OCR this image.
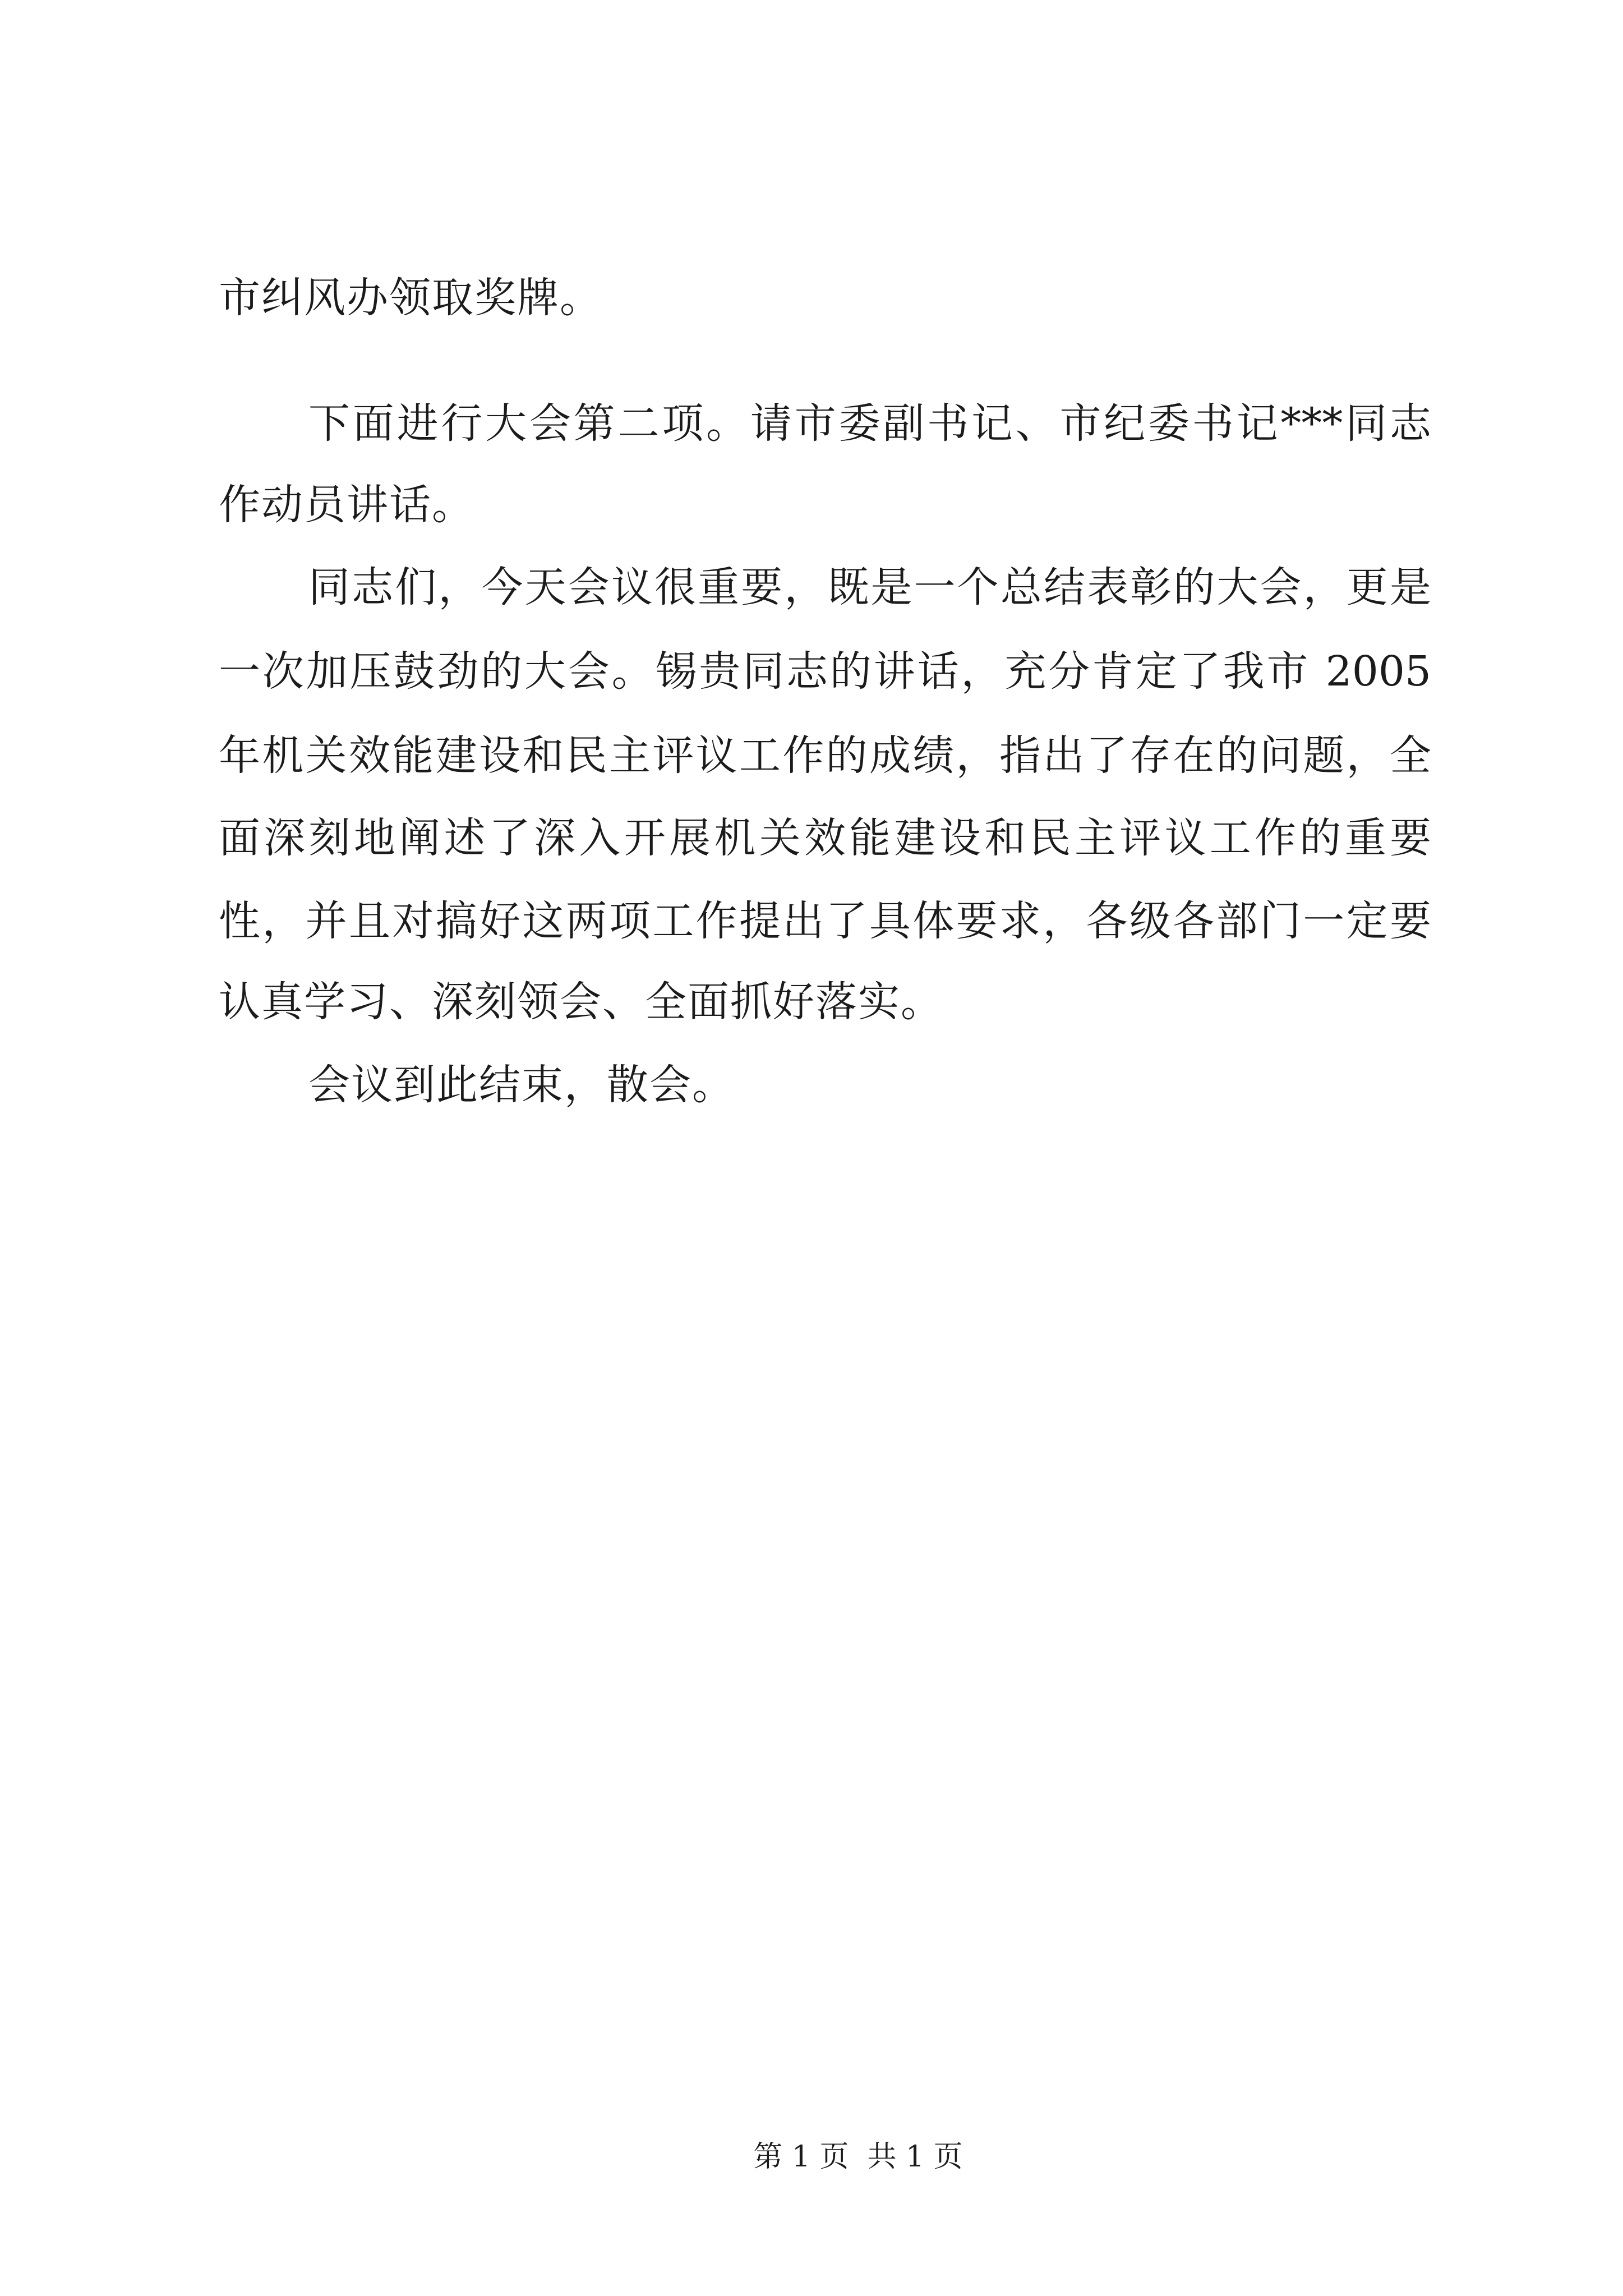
市纠风办领取奖牌。
下面进行大会第二项。请市委副书记、市纪委书记***同志
作动员讲话。
同志们，今天会议很重要，既是一个总结表彰的大会，更是
一次加压鼓劲的大会。锡贵同志的讲话，充分肯定了我市 2005
年机关效能建设和民主评议工作的成绩，指出了存在的问题，全
面深刻地阐述了深入开展机关效能建设和民主评议工作的重要
性，并且对搞好这两项工作提出了具体要求，各级各部门一定要
认真学习、深刻领会、全面抓好落实。
会议到此结束，散会。
第 1 页  共 1 页
